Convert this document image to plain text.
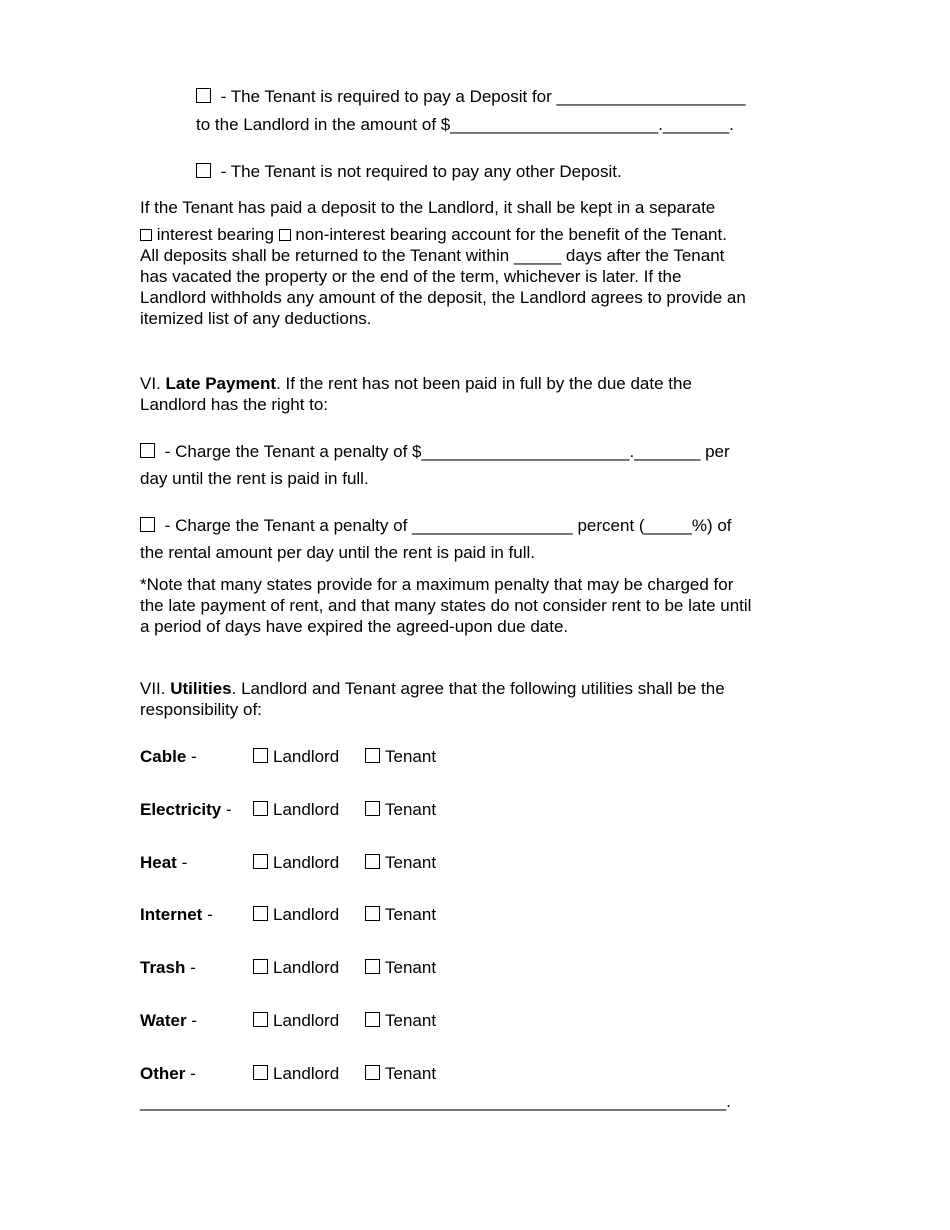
- The Tenant is required to pay a Deposit for ____________________
to the Landlord in the amount of $______________________._______.
- The Tenant is not required to pay any other Deposit.
If the Tenant has paid a deposit to the Landlord, it shall be kept in a separate
interest bearing  non-interest bearing account for the benefit of the Tenant.
All deposits shall be returned to the Tenant within _____ days after the Tenant
has vacated the property or the end of the term, whichever is later. If the
Landlord withholds any amount of the deposit, the Landlord agrees to provide an
itemized list of any deductions.
VI. Late Payment. If the rent has not been paid in full by the due date the
Landlord has the right to:
- Charge the Tenant a penalty of $______________________._______ per
day until the rent is paid in full.
- Charge the Tenant a penalty of _________________ percent (_____%) of
the rental amount per day until the rent is paid in full.
*Note that many states provide for a maximum penalty that may be charged for
the late payment of rent, and that many states do not consider rent to be late until
a period of days have expired the agreed-upon due date.
VII. Utilities. Landlord and Tenant agree that the following utilities shall be the
responsibility of:
Cable -	Landlord	Tenant
Electricity -	Landlord	Tenant
Heat -	Landlord	Tenant
Internet -	Landlord	Tenant
Trash -	Landlord	Tenant
Water -	Landlord	Tenant
Other -	Landlord	Tenant
______________________________________________________________.
